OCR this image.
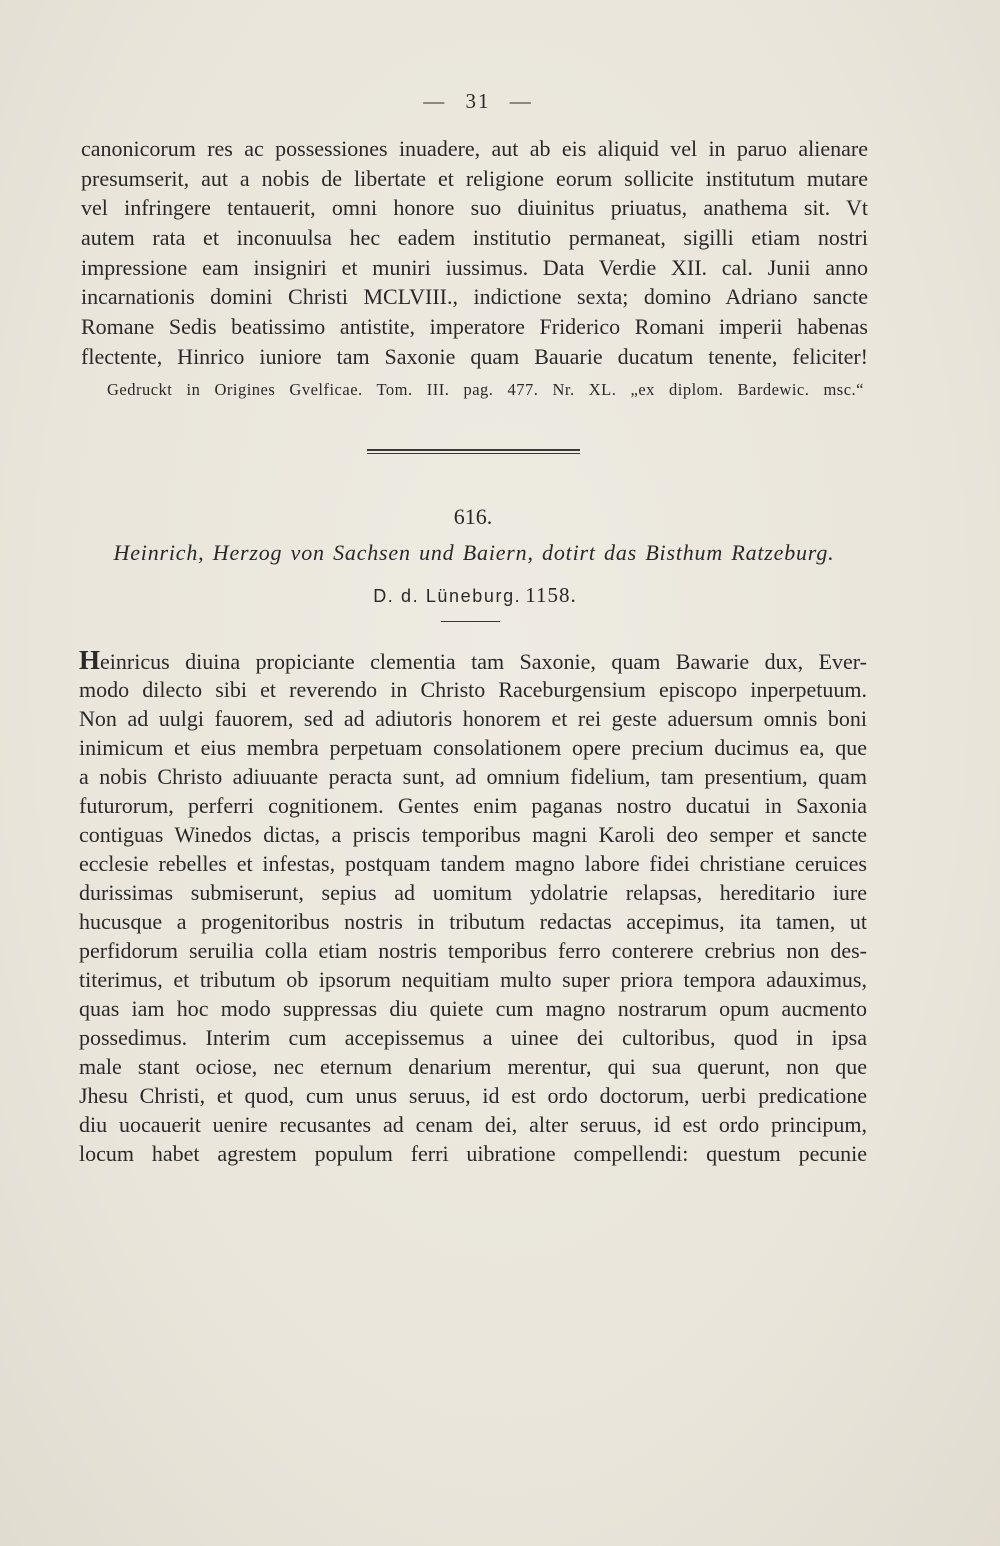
— 31 —
canonicorum res ac possessiones inuadere, aut ab eis aliquid vel in paruo alienare
presumserit, aut a nobis de libertate et religione eorum sollicite institutum mutare
vel infringere tentauerit, omni honore suo diuinitus priuatus, anathema sit. Vt
autem rata et inconuulsa hec eadem institutio permaneat, sigilli etiam nostri
impressione eam insigniri et muniri iussimus. Data Verdie XII. cal. Junii anno
incarnationis domini Christi MCLVIII., indictione sexta; domino Adriano sancte
Romane Sedis beatissimo antistite, imperatore Friderico Romani imperii habenas
flectente, Hinrico iuniore tam Saxonie quam Bauarie ducatum tenente, feliciter!
Gedruckt in Origines Gvelficae. Tom. III. pag. 477. Nr. XL. „ex diplom. Bardewic. msc.“
616.
Heinrich, Herzog von Sachsen und Baiern, dotirt das Bisthum Ratzeburg.
D. d. Lüneburg. 1158.
Heinricus diuina propiciante clementia tam Saxonie, quam Bawarie dux, Ever-
modo dilecto sibi et reverendo in Christo Raceburgensium episcopo inperpetuum.
Non ad uulgi fauorem, sed ad adiutoris honorem et rei geste aduersum omnis boni
inimicum et eius membra perpetuam consolationem opere precium ducimus ea, que
a nobis Christo adiuuante peracta sunt, ad omnium fidelium, tam presentium, quam
futurorum, perferri cognitionem. Gentes enim paganas nostro ducatui in Saxonia
contiguas Winedos dictas, a priscis temporibus magni Karoli deo semper et sancte
ecclesie rebelles et infestas, postquam tandem magno labore fidei christiane ceruices
durissimas submiserunt, sepius ad uomitum ydolatrie relapsas, hereditario iure
hucusque a progenitoribus nostris in tributum redactas accepimus, ita tamen, ut
perfidorum seruilia colla etiam nostris temporibus ferro conterere crebrius non des-
titerimus, et tributum ob ipsorum nequitiam multo super priora tempora adauximus,
quas iam hoc modo suppressas diu quiete cum magno nostrarum opum aucmento
possedimus. Interim cum accepissemus a uinee dei cultoribus, quod in ipsa
male stant ociose, nec eternum denarium merentur, qui sua querunt, non que
Jhesu Christi, et quod, cum unus seruus, id est ordo doctorum, uerbi predicatione
diu uocauerit uenire recusantes ad cenam dei, alter seruus, id est ordo principum,
locum habet agrestem populum ferri uibratione compellendi: questum pecunie
